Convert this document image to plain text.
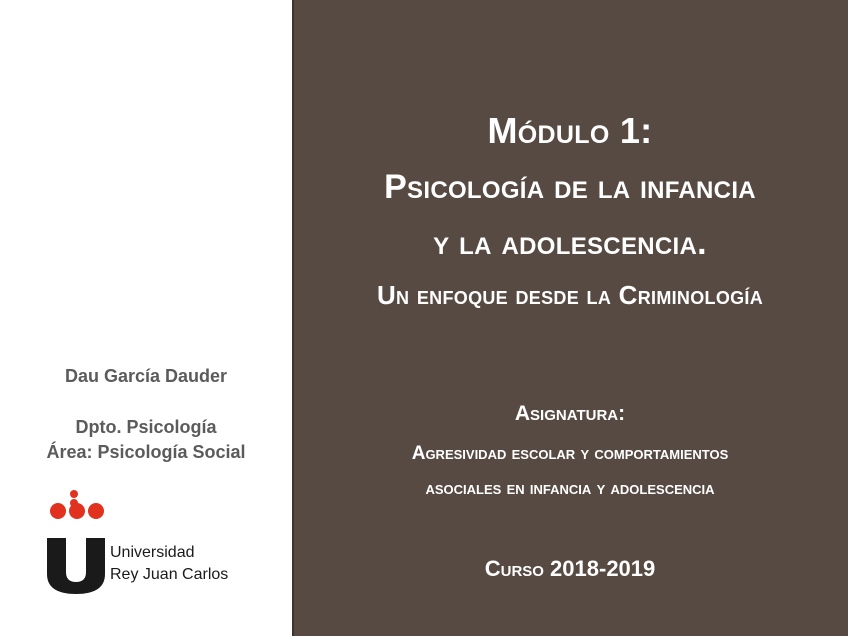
Dau García Dauder
Dpto. Psicología
Área: Psicología Social
Universidad
Rey Juan Carlos
Módulo 1:
Psicología de la infancia
y la adolescencia.
Un enfoque desde la Criminología
Asignatura:
Agresividad escolar y comportamientos
asociales en infancia y adolescencia
Curso 2018-2019
